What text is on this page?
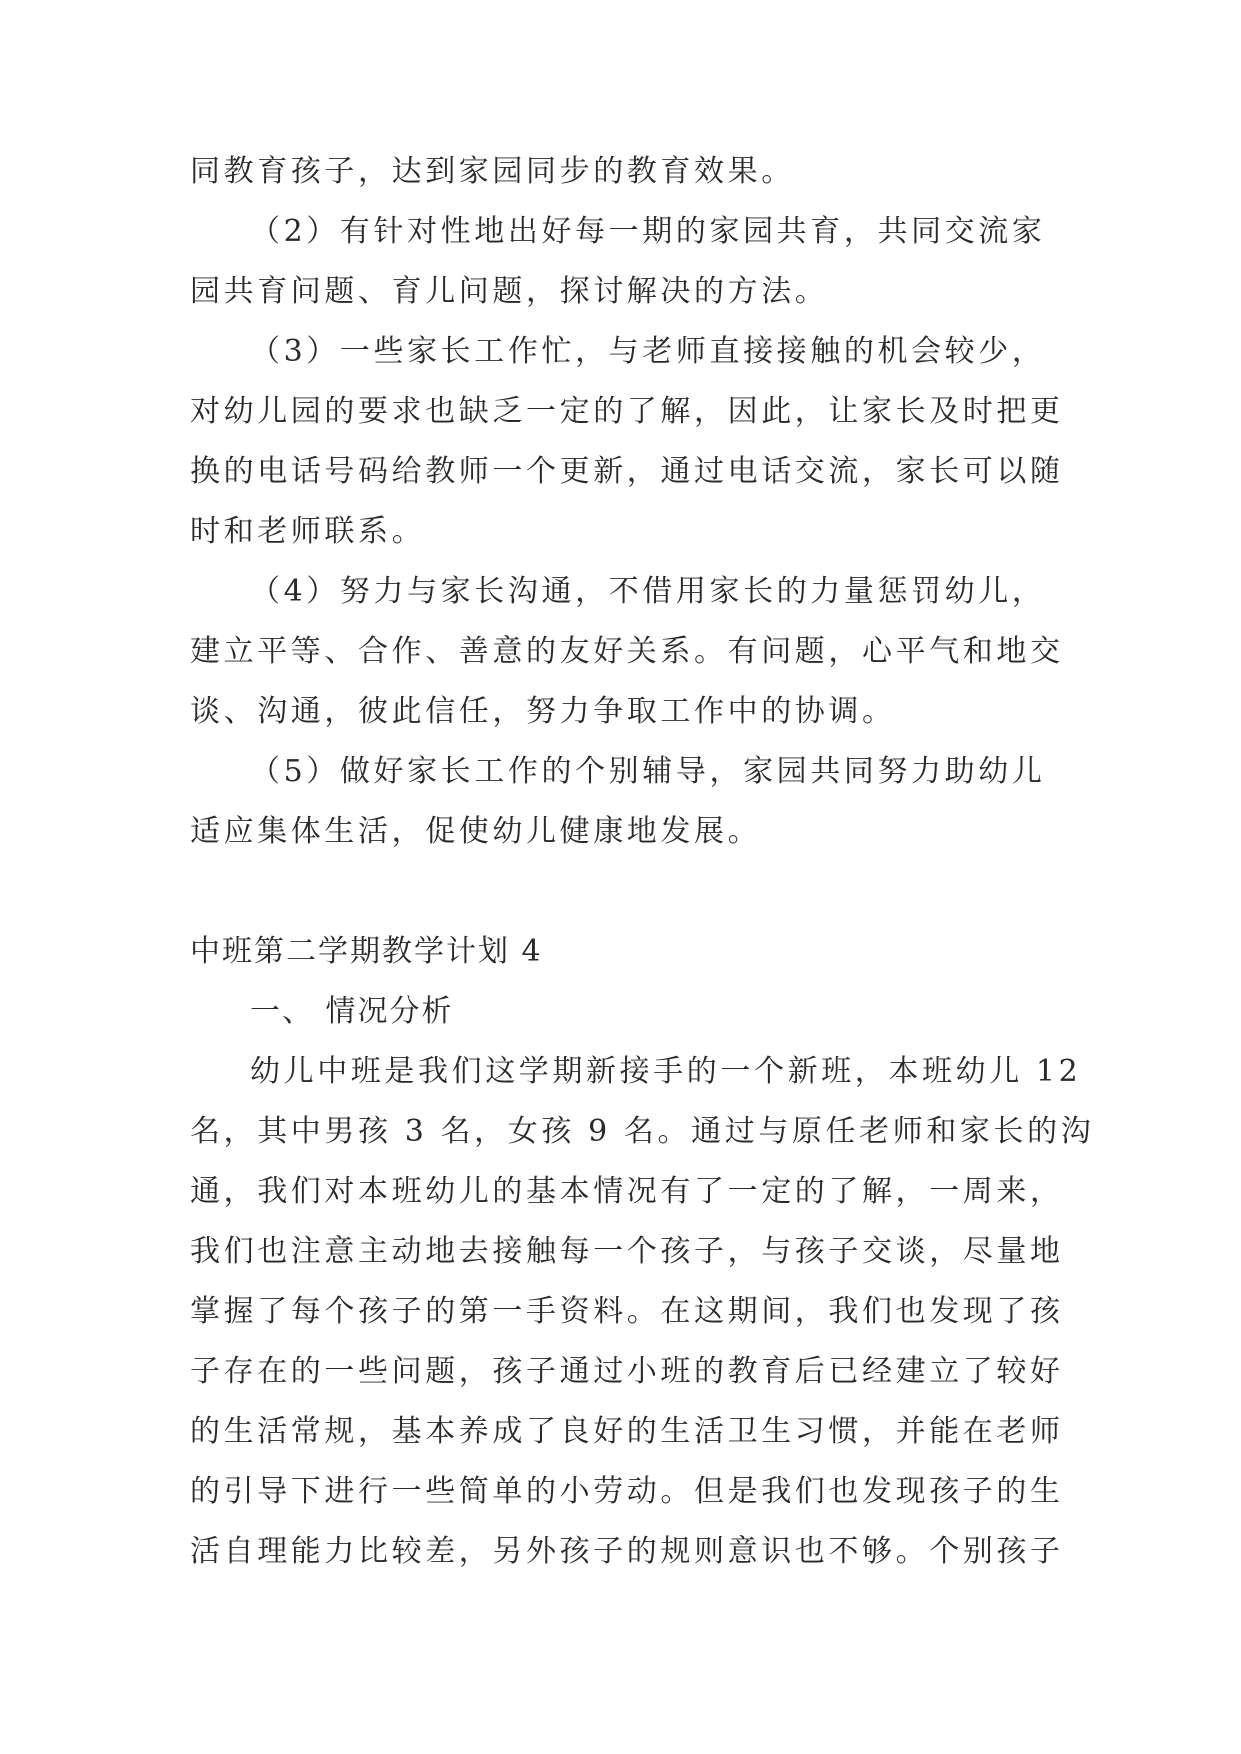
同教育孩子，达到家园同步的教育效果。
（2）有针对性地出好每一期的家园共育，共同交流家
园共育问题、育儿问题，探讨解决的方法。
（3）一些家长工作忙，与老师直接接触的机会较少，
对幼儿园的要求也缺乏一定的了解，因此，让家长及时把更
换的电话号码给教师一个更新，通过电话交流，家长可以随
时和老师联系。
（4）努力与家长沟通，不借用家长的力量惩罚幼儿，
建立平等、合作、善意的友好关系。有问题，心平气和地交
谈、沟通，彼此信任，努力争取工作中的协调。
（5）做好家长工作的个别辅导，家园共同努力助幼儿
适应集体生活，促使幼儿健康地发展。
中班第二学期教学计划 4
一、 情况分析
幼儿中班是我们这学期新接手的一个新班，本班幼儿 12
名，其中男孩 3 名，女孩 9 名。通过与原任老师和家长的沟
通，我们对本班幼儿的基本情况有了一定的了解，一周来，
我们也注意主动地去接触每一个孩子，与孩子交谈，尽量地
掌握了每个孩子的第一手资料。在这期间，我们也发现了孩
子存在的一些问题，孩子通过小班的教育后已经建立了较好
的生活常规，基本养成了良好的生活卫生习惯，并能在老师
的引导下进行一些简单的小劳动。但是我们也发现孩子的生
活自理能力比较差，另外孩子的规则意识也不够。个别孩子
